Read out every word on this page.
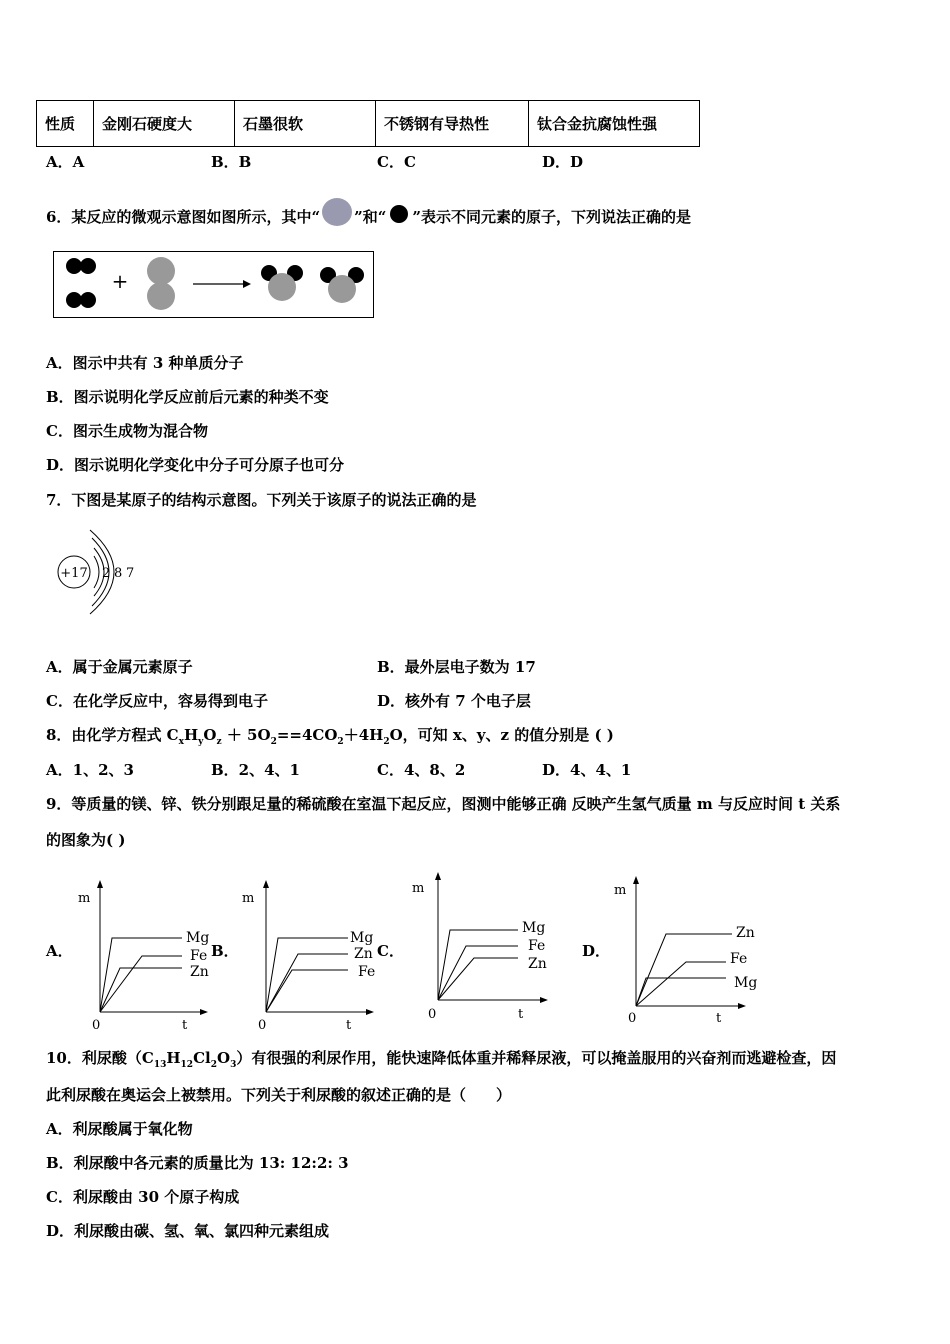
性质	金刚石硬度大	石墨很软	不锈钢有导热性	钛合金抗腐蚀性强
A．A	B．B	C．C	D．D
6．某反应的微观示意图如图所示，其中“ ”和“ ”表示不同元素的原子，下列说法正确的是
+
A．图示中共有 3 种单质分子
B．图示说明化学反应前后元素的种类不变
C．图示生成物为混合物
D．图示说明化学变化中分子可分原子也可分
7．下图是某原子的结构示意图。下列关于该原子的说法正确的是
+17 2 8 7
A．属于金属元素原子	B．最外层电子数为 17
C．在化学反应中，容易得到电子	D．核外有 7 个电子层
8．由化学方程式 $C_xH_yO_z + 5O_2==4CO_2+4H_2O$，可知 x、y、z 的值分别是 ( )
A．1、2、3	B．2、4、1	C．4、8、2	D．4、4、1
9．等质量的镁、锌、铁分别跟足量的稀硫酸在室温下起反应，图测中能够正确 反映产生氢气质量 m 与反应时间 t 关系
的图象为( )
A．
m
t
0
Mg
Fe
Zn
B．
m
t
0
Mg
Zn
Fe
C．
m
t
0
Mg
Fe
Zn
D．
m
t
0
Zn
Fe
Mg
10．利尿酸$(C_{13}H_{12}Cl_2O_3)$有很强的利尿作用，能快速降低体重并稀释尿液，可以掩盖服用的兴奋剂而逃避检查，因
此利尿酸在奥运会上被禁用。下列关于利尿酸的叙述正确的是（　　）
A．利尿酸属于氧化物
B．利尿酸中各元素的质量比为 13: 12:2: 3
C．利尿酸由 30 个原子构成
D．利尿酸由碳、氢、氧、氯四种元素组成
